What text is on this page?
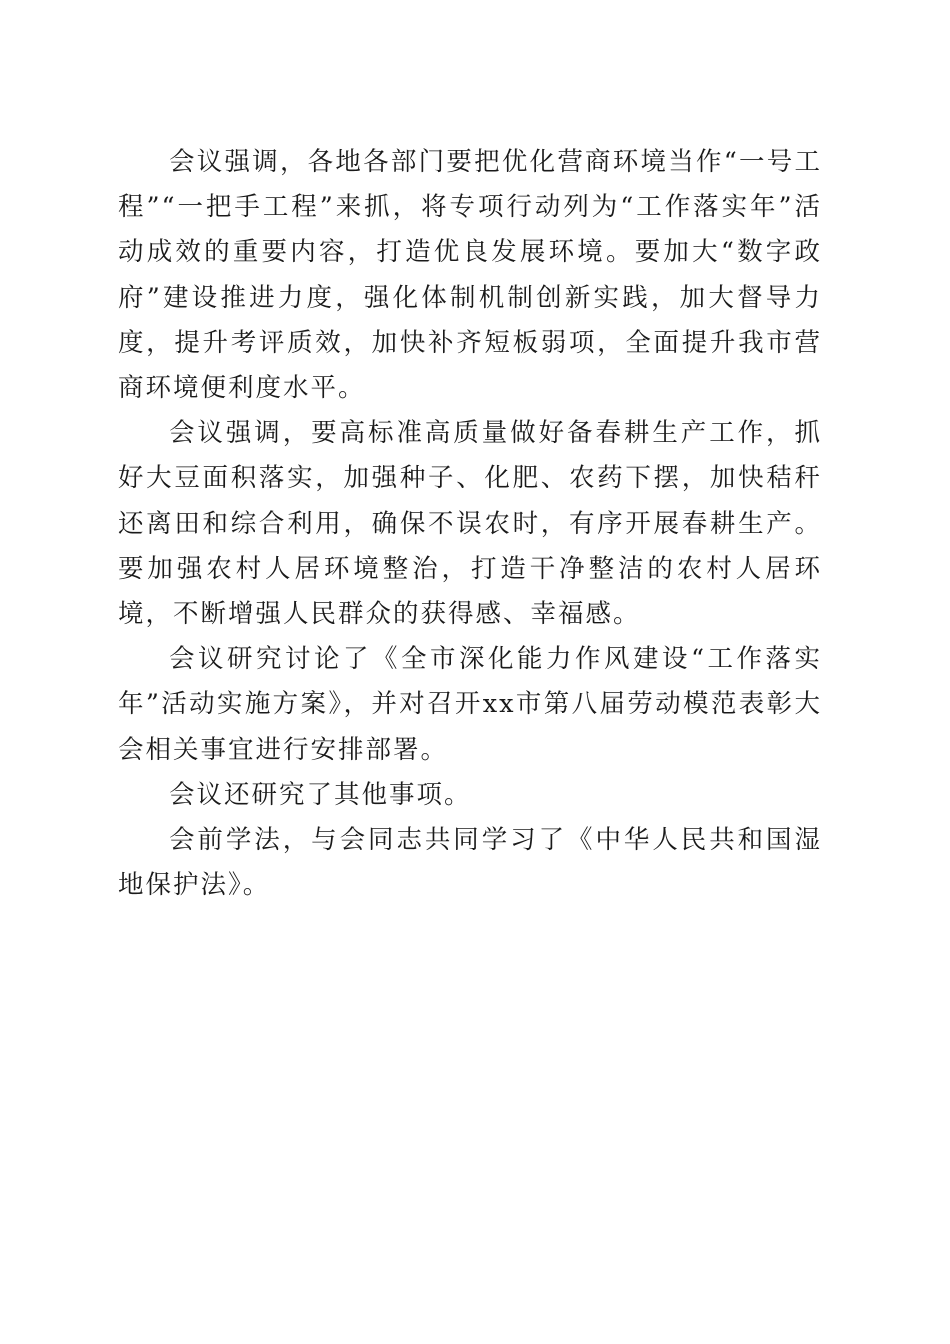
会议强调，各地各部门要把优化营商环境当作“一号工程”“一把手工程”来抓，将专项行动列为“工作落实年”活动成效的重要内容，打造优良发展环境。要加大“数字政府”建设推进力度，强化体制机制创新实践，加大督导力度，提升考评质效，加快补齐短板弱项，全面提升我市营商环境便利度水平。

会议强调，要高标准高质量做好备春耕生产工作，抓好大豆面积落实，加强种子、化肥、农药下摆，加快秸秆还离田和综合利用，确保不误农时，有序开展春耕生产。要加强农村人居环境整治，打造干净整洁的农村人居环境，不断增强人民群众的获得感、幸福感。

会议研究讨论了《全市深化能力作风建设“工作落实年”活动实施方案》，并对召开xx市第八届劳动模范表彰大会相关事宜进行安排部署。

会议还研究了其他事项。

会前学法，与会同志共同学习了《中华人民共和国湿地保护法》。
